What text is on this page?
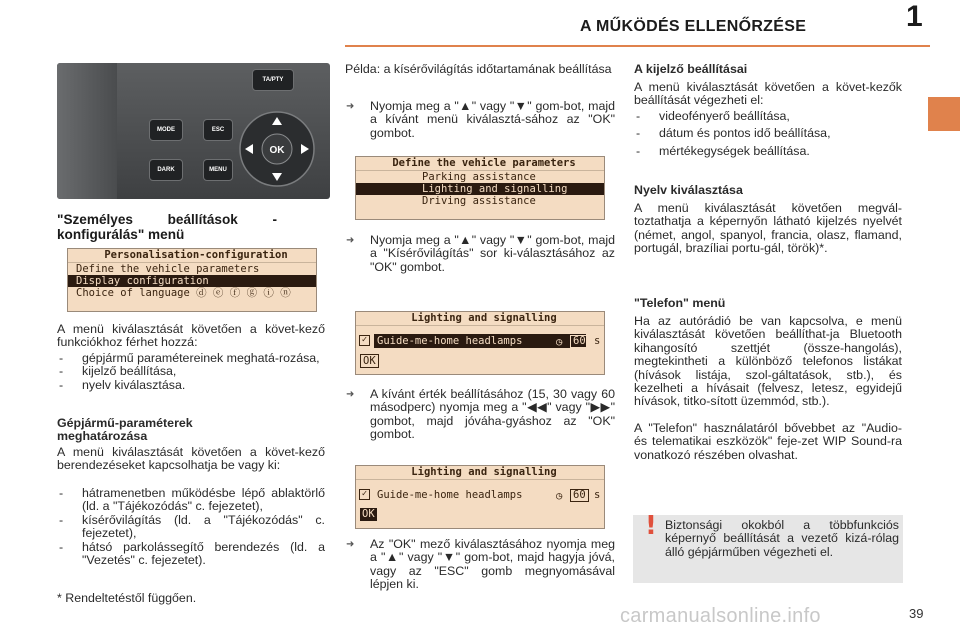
A MŰKÖDÉS ELLENŐRZÉSE	1
TA/PTY
MODE
DARK
ESC
MENU
OK
"Személyes beállítások - konfigurálás" menü
Personalisation-configuration
Define the vehicle parameters
Display configuration
Choice of language ⓓ ⓔ ⓕ ⓖ ⓘ ⓝ
A menü kiválasztását követően a követ-kező funkciókhoz férhet hozzá:
- gépjármű paramétereinek meghatá-rozása,
- kijelző beállítása,
- nyelv kiválasztása.
Gépjármű-paraméterek meghatározása
A menü kiválasztását követően a követ-kező berendezéseket kapcsolhatja be vagy ki:
- hátramenetben működésbe lépő ablaktörlő (ld. a "Tájékozódás" c. fejezetet),
- kísérővilágítás (ld. a "Tájékozódás" c. fejezetet),
- hátsó parkolássegítő berendezés (ld. a "Vezetés" c. fejezetet).
* Rendeltetéstől függően.
Példa: a kísérővilágítás időtartamának beállítása
➜ Nyomja meg a "▲" vagy "▼" gom-bot, majd a kívánt menü kiválasztá-sához az "OK" gombot.
Define the vehicle parameters
Parking assistance
Lighting and signalling
Driving assistance
➜ Nyomja meg a "▲" vagy "▼" gom-bot, majd a "Kísérővilágítás" sor ki-választásához az "OK" gombot.
Lighting and signalling
✓ Guide-me-home headlamps	◷ 60 s
OK
➜ A kívánt érték beállításához (15, 30 vagy 60 másodperc) nyomja meg a "◀◀" vagy "▶▶" gombot, majd jóváha-gyáshoz az "OK" gombot.
Lighting and signalling
✓ Guide-me-home headlamps	◷ 60 s
OK
➜ Az "OK" mező kiválasztásához nyomja meg a "▲" vagy "▼" gom-bot, majd hagyja jóvá, vagy az "ESC" gomb megnyomásával lépjen ki.
A kijelző beállításai
A menü kiválasztását követően a követ-kezők beállítását végezheti el:
- videofényerő beállítása,
- dátum és pontos idő beállítása,
- mértékegységek beállítása.
Nyelv kiválasztása
A menü kiválasztását követően megvál-toztathatja a képernyőn látható kijelzés nyelvét (német, angol, spanyol, francia, olasz, flamand, portugál, brazíliai portu-gál, török)*.
"Telefon" menü
Ha az autórádió be van kapcsolva, e menü kiválasztását követően beállíthat-ja Bluetooth kihangosító szettjét (össze-hangolás), megtekintheti a különböző telefonos listákat (hívások listája, szol-gáltatások, stb.), és kezelheti a hívásait (felvesz, letesz, egyidejű hívások, titko-sított üzemmód, stb.).
A "Telefon" használatáról bővebbet az "Audio- és telematikai eszközök" feje-zet WIP Sound-ra vonatkozó részében olvashat.
! Biztonsági okokból a többfunkciós képernyő beállítását a vezető kizá-rólag álló gépjárműben végezheti el.
carmanualsonline.info	39
